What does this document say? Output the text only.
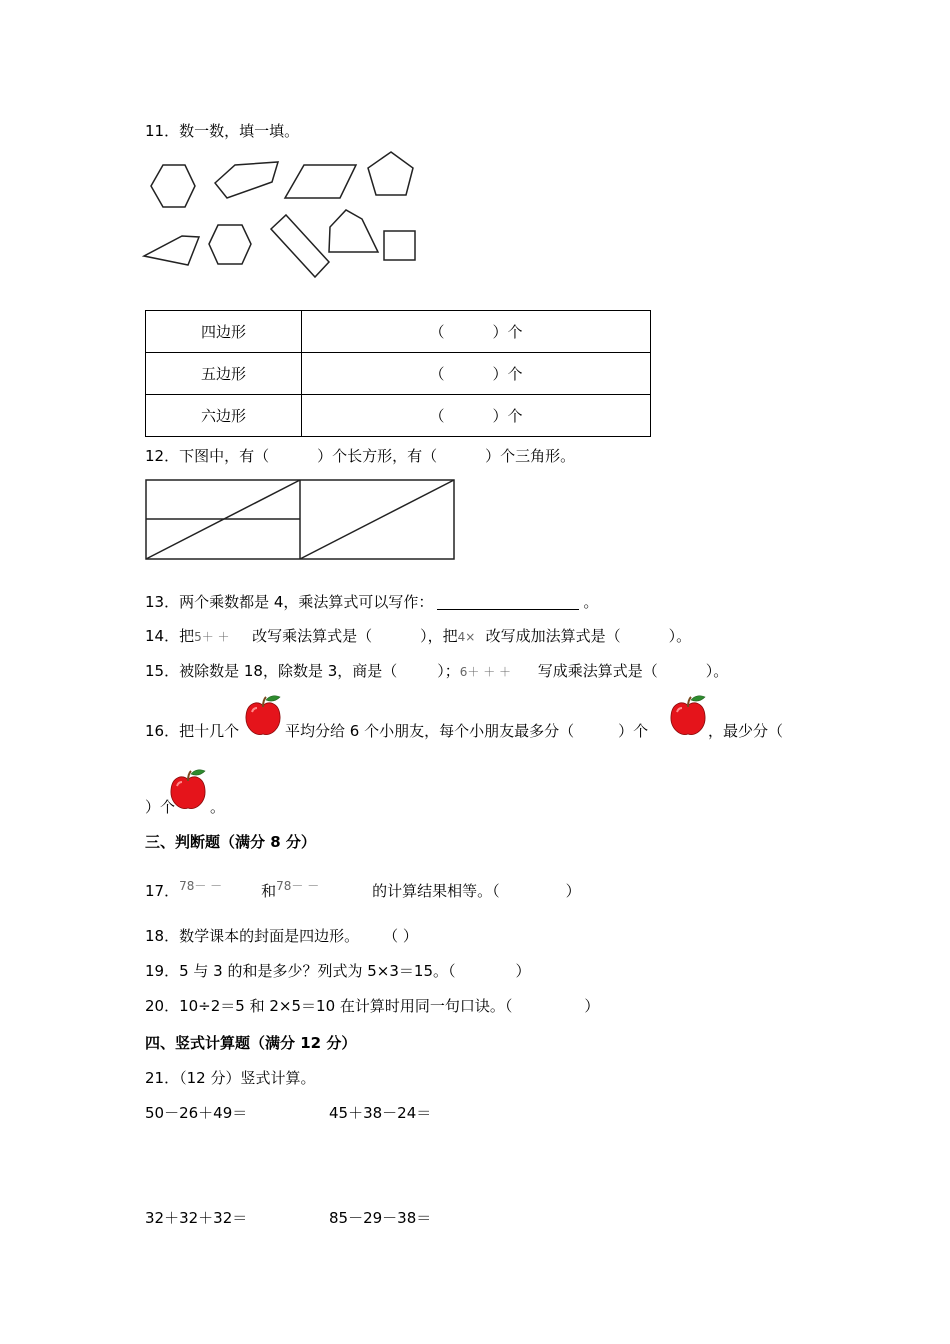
11．数一数，填一填。
四边形	（ ）个
五边形	（ ）个
六边形	（ ）个
12．下图中，有（	）个长方形，有（	）个三角形。
13．两个乘数都是 4，乘法算式可以写作：	。
14．把5＋ ＋ 改写乘法算式是（	），把4× 改写成加法算式是（	）。
15．被除数是 18，除数是 3，商是（	）；6＋ ＋ ＋ 写成乘法算式是（	）。
16．把十几个	平均分给 6 个小朋友，每个小朋友最多分（	）个	，最少分（
）个 。
三、判断题（满分 8 分）
17．78－ －	和78－ －	的计算结果相等。（	）
18．数学课本的封面是四边形。 （ ）
19．5 与 3 的和是多少？列式为 5×3＝15。（	）
20．10÷2＝5 和 2×5＝10 在计算时用同一句口诀。（	）
四、竖式计算题（满分 12 分）
21．（12 分）竖式计算。
50－26＋49＝	45＋38－24＝
32＋32＋32＝	85－29－38＝
